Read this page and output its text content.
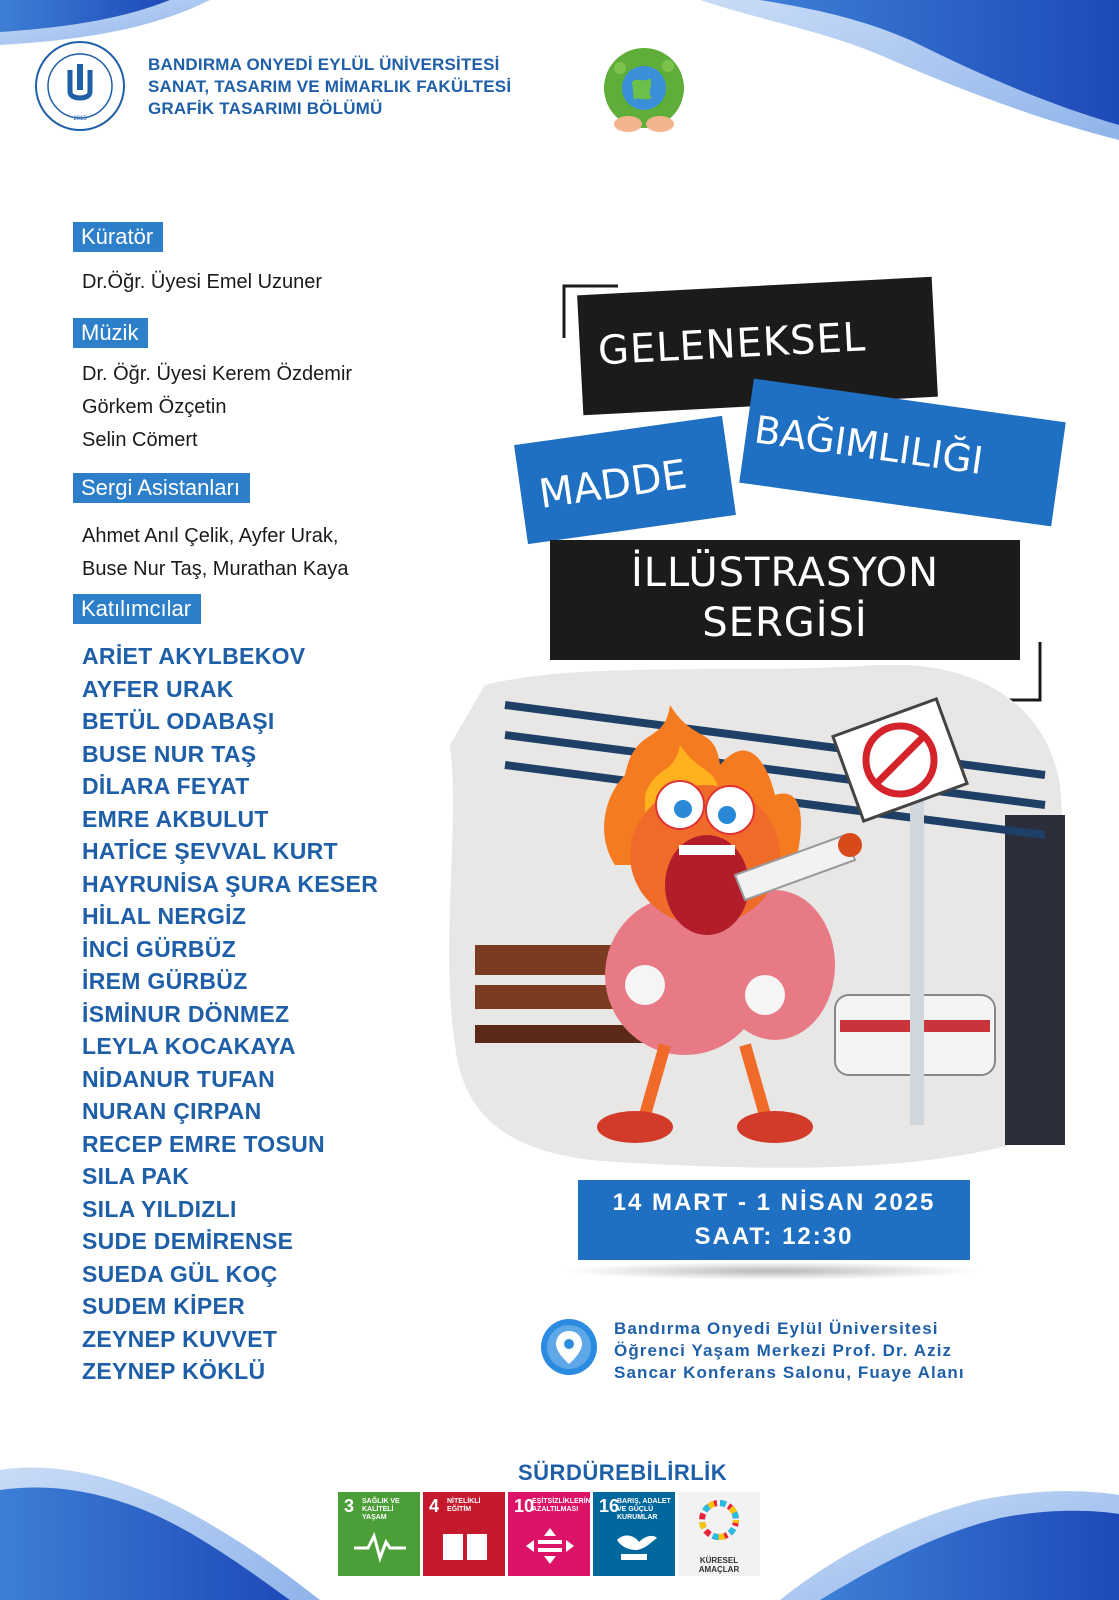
2015
BANDIRMA ONYEDİ EYLÜL ÜNİVERSİTESİ
SANAT, TASARIM VE MİMARLIK FAKÜLTESİ
GRAFİK TASARIMI BÖLÜMÜ
Küratör
Dr.Öğr. Üyesi Emel Uzuner
Müzik
Dr. Öğr. Üyesi Kerem Özdemir
Görkem Özçetin
Selin Cömert
Sergi Asistanları
Ahmet Anıl Çelik, Ayfer Urak,
Buse Nur Taş, Murathan Kaya
Katılımcılar
ARİET AKYLBEKOV
AYFER URAK
BETÜL ODABAŞI
BUSE NUR TAŞ
DİLARA FEYAT
EMRE AKBULUT
HATİCE ŞEVVAL KURT
HAYRUNİSA ŞURA KESER
HİLAL NERGİZ
İNCİ GÜRBÜZ
İREM GÜRBÜZ
İSMİNUR DÖNMEZ
LEYLA KOCAKAYA
NİDANUR TUFAN
NURAN ÇIRPAN
RECEP EMRE TOSUN
SILA PAK
SILA YILDIZLI
SUDE DEMİRENSE
SUEDA GÜL KOÇ
SUDEM KİPER
ZEYNEP KUVVET
ZEYNEP KÖKLÜ
GELENEKSEL
MADDE
BAĞIMLILIĞI
İLLÜSTRASYON
SERGİSİ
14 MART - 1 NİSAN 2025
SAAT: 12:30
Bandırma Onyedi Eylül Üniversitesi
Öğrenci Yaşam Merkezi Prof. Dr. Aziz
Sancar Konferans Salonu, Fuaye Alanı
SÜRDÜREBİLİRLİK
3 SAĞLIK VE KALİTELİ YAŞAM
4 NİTELİKLİ EĞİTİM	10
EŞİTSİZLİKLERİN AZALTILMASI	16
BARIŞ, ADALET VE GÜÇLÜ KURUMLAR
KÜRESEL AMAÇLAR
